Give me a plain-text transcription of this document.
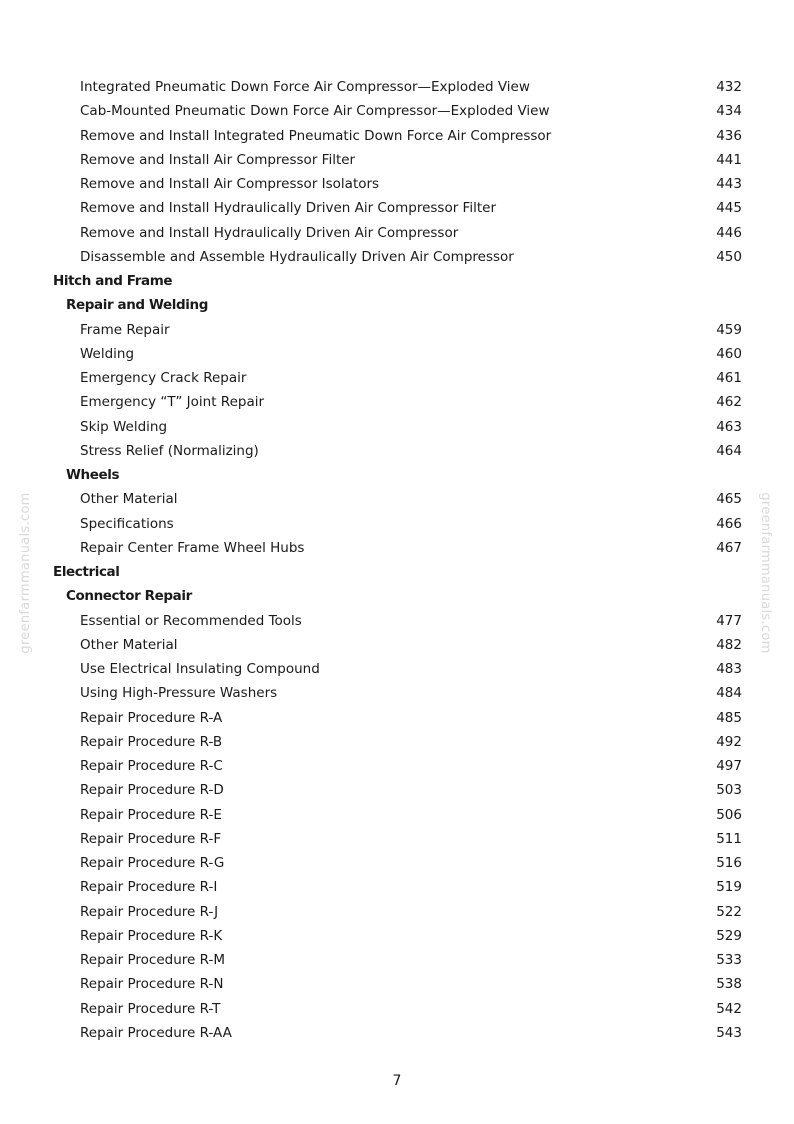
greenfarmmanuals.com	greenfarmmanuals.com
Integrated Pneumatic Down Force Air Compressor—Exploded View	432
Cab-Mounted Pneumatic Down Force Air Compressor—Exploded View	434
Remove and Install Integrated Pneumatic Down Force Air Compressor	436
Remove and Install Air Compressor Filter	441
Remove and Install Air Compressor Isolators	443
Remove and Install Hydraulically Driven Air Compressor Filter	445
Remove and Install Hydraulically Driven Air Compressor	446
Disassemble and Assemble Hydraulically Driven Air Compressor	450
Hitch and Frame
Repair and Welding
Frame Repair	459
Welding	460
Emergency Crack Repair	461
Emergency “T” Joint Repair	462
Skip Welding	463
Stress Relief (Normalizing)	464
Wheels
Other Material	465
Specifications	466
Repair Center Frame Wheel Hubs	467
Electrical
Connector Repair
Essential or Recommended Tools	477
Other Material	482
Use Electrical Insulating Compound	483
Using High-Pressure Washers	484
Repair Procedure R-A	485
Repair Procedure R-B	492
Repair Procedure R-C	497
Repair Procedure R-D	503
Repair Procedure R-E	506
Repair Procedure R-F	511
Repair Procedure R-G	516
Repair Procedure R-I	519
Repair Procedure R-J	522
Repair Procedure R-K	529
Repair Procedure R-M	533
Repair Procedure R-N	538
Repair Procedure R-T	542
Repair Procedure R-AA	543
7
